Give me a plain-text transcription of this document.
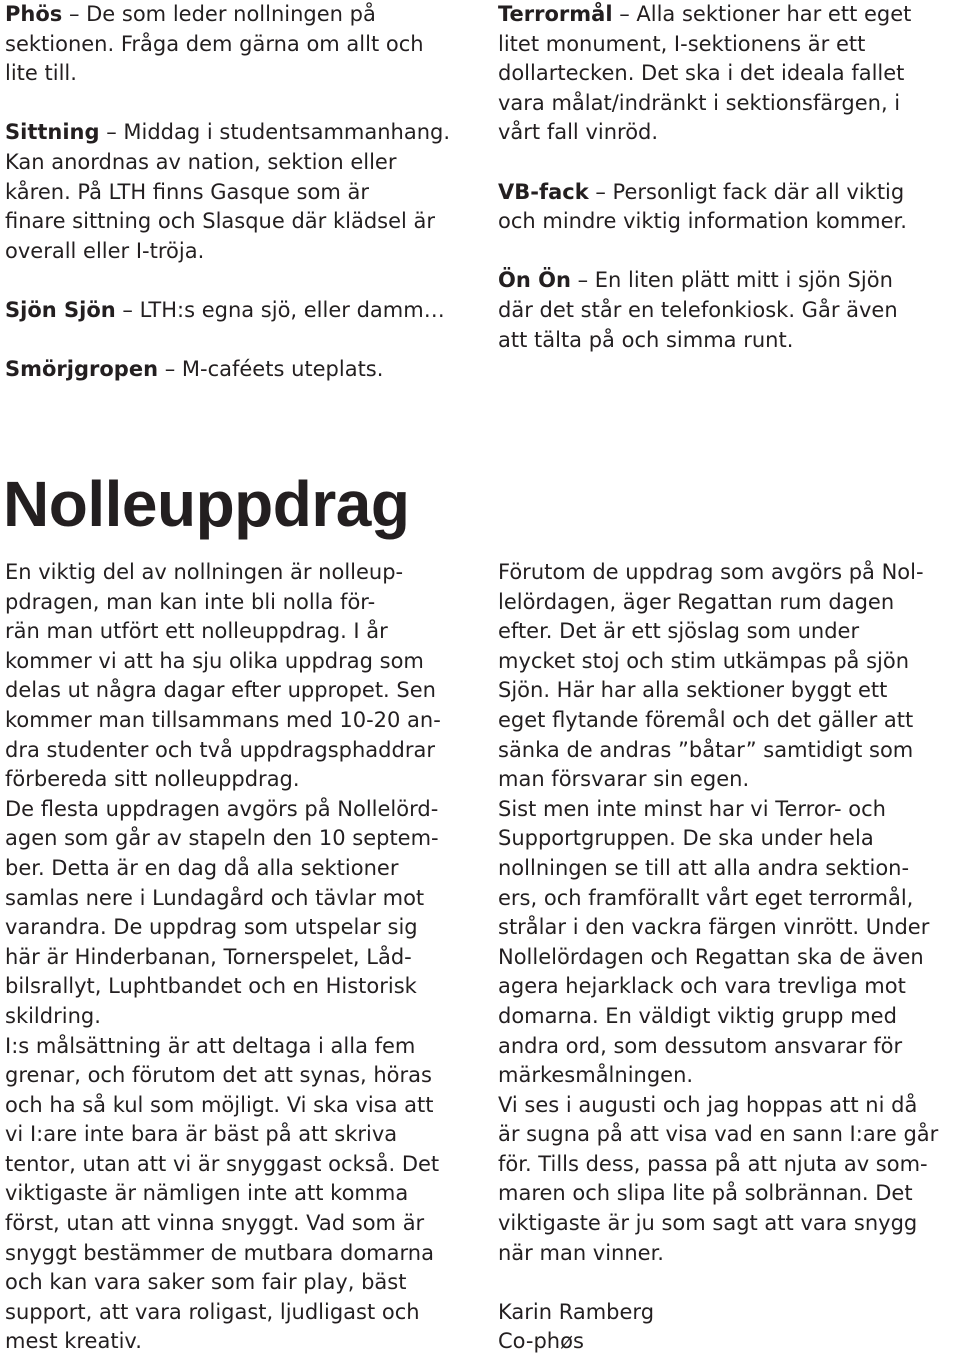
Phös – De som leder nollningen på
sektionen. Fråga dem gärna om allt och
lite till.
Sittning – Middag i studentsammanhang.
Kan anordnas av nation, sektion eller
kåren. På LTH finns Gasque som är
finare sittning och Slasque där klädsel är
overall eller I-tröja.
Sjön Sjön – LTH:s egna sjö, eller damm…
Smörjgropen – M-caféets uteplats.
Terrormål – Alla sektioner har ett eget
litet monument, I-sektionens är ett
dollartecken. Det ska i det ideala fallet
vara målat/indränkt i sektionsfärgen, i
vårt fall vinröd.
VB-fack – Personligt fack där all viktig
och mindre viktig information kommer.
Ön Ön – En liten plätt mitt i sjön Sjön
där det står en telefonkiosk. Går även
att tälta på och simma runt.
Nolleuppdrag
En viktig del av nollningen är nolleup-
pdragen, man kan inte bli nolla för-
rän man utfört ett nolleuppdrag. I år
kommer vi att ha sju olika uppdrag som
delas ut några dagar efter uppropet. Sen
kommer man tillsammans med 10-20 an-
dra studenter och två uppdragsphaddrar
förbereda sitt nolleuppdrag.
De flesta uppdragen avgörs på Nollelörd-
agen som går av stapeln den 10 septem-
ber. Detta är en dag då alla sektioner
samlas nere i Lundagård och tävlar mot
varandra. De uppdrag som utspelar sig
här är Hinderbanan, Tornerspelet, Låd-
bilsrallyt, Luphtbandet och en Historisk
skildring.
I:s målsättning är att deltaga i alla fem
grenar, och förutom det att synas, höras
och ha så kul som möjligt. Vi ska visa att
vi I:are inte bara är bäst på att skriva
tentor, utan att vi är snyggast också. Det
viktigaste är nämligen inte att komma
först, utan att vinna snyggt. Vad som är
snyggt bestämmer de mutbara domarna
och kan vara saker som fair play, bäst
support, att vara roligast, ljudligast och
mest kreativ.
Förutom de uppdrag som avgörs på Nol-
lelördagen, äger Regattan rum dagen
efter. Det är ett sjöslag som under
mycket stoj och stim utkämpas på sjön
Sjön. Här har alla sektioner byggt ett
eget flytande föremål och det gäller att
sänka de andras ”båtar” samtidigt som
man försvarar sin egen.
Sist men inte minst har vi Terror- och
Supportgruppen. De ska under hela
nollningen se till att alla andra sektion-
ers, och framförallt vårt eget terrormål,
strålar i den vackra färgen vinrött. Under
Nollelördagen och Regattan ska de även
agera hejarklack och vara trevliga mot
domarna. En väldigt viktig grupp med
andra ord, som dessutom ansvarar för
märkesmålningen.
Vi ses i augusti och jag hoppas att ni då
är sugna på att visa vad en sann I:are går
för. Tills dess, passa på att njuta av som-
maren och slipa lite på solbrännan. Det
viktigaste är ju som sagt att vara snygg
när man vinner.
Karin Ramberg
Co-phøs
